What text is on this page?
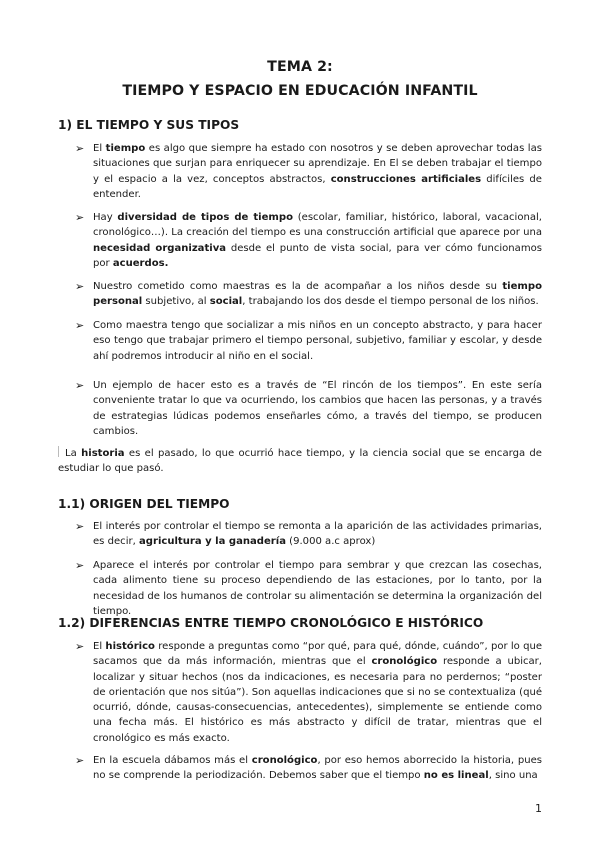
TEMA 2:
TIEMPO Y ESPACIO EN EDUCACIÓN INFANTIL
1) EL TIEMPO Y SUS TIPOS
➢ El tiempo es algo que siempre ha estado con nosotros y se deben aprovechar todas las situaciones que surjan para enriquecer su aprendizaje. En El se deben trabajar el tiempo y el espacio a la vez, conceptos abstractos, construcciones artificiales difíciles de entender.
➢ Hay diversidad de tipos de tiempo (escolar, familiar, histórico, laboral, vacacional, cronológico…). La creación del tiempo es una construcción artificial que aparece por una necesidad organizativa desde el punto de vista social, para ver cómo funcionamos por acuerdos.
➢ Nuestro cometido como maestras es la de acompañar a los niños desde su tiempo personal subjetivo, al social, trabajando los dos desde el tiempo personal de los niños.
➢ Como maestra tengo que socializar a mis niños en un concepto abstracto, y para hacer eso tengo que trabajar primero el tiempo personal, subjetivo, familiar y escolar, y desde ahí podremos introducir al niño en el social.
➢ Un ejemplo de hacer esto es a través de “El rincón de los tiempos”. En este sería conveniente tratar lo que va ocurriendo, los cambios que hacen las personas, y a través de estrategias lúdicas podemos enseñarles cómo, a través del tiempo, se producen cambios.
La historia es el pasado, lo que ocurrió hace tiempo, y la ciencia social que se encarga de estudiar lo que pasó.
1.1) ORIGEN DEL TIEMPO
➢ El interés por controlar el tiempo se remonta a la aparición de las actividades primarias, es decir, agricultura y la ganadería (9.000 a.c aprox)
➢ Aparece el interés por controlar el tiempo para sembrar y que crezcan las cosechas, cada alimento tiene su proceso dependiendo de las estaciones, por lo tanto, por la necesidad de los humanos de controlar su alimentación se determina la organización del tiempo.
1.2) DIFERENCIAS ENTRE TIEMPO CRONOLÓGICO E HISTÓRICO
➢ El histórico responde a preguntas como “por qué, para qué, dónde, cuándo”, por lo que sacamos que da más información, mientras que el cronológico responde a ubicar, localizar y situar hechos (nos da indicaciones, es necesaria para no perdernos; “poster de orientación que nos sitúa”). Son aquellas indicaciones que si no se contextualiza (qué ocurrió, dónde, causas-consecuencias, antecedentes), simplemente se entiende como una fecha más. El histórico es más abstracto y difícil de tratar, mientras que el cronológico es más exacto.
➢ En la escuela dábamos más el cronológico, por eso hemos aborrecido la historia, pues no se comprende la periodización. Debemos saber que el tiempo no es lineal, sino una
1
